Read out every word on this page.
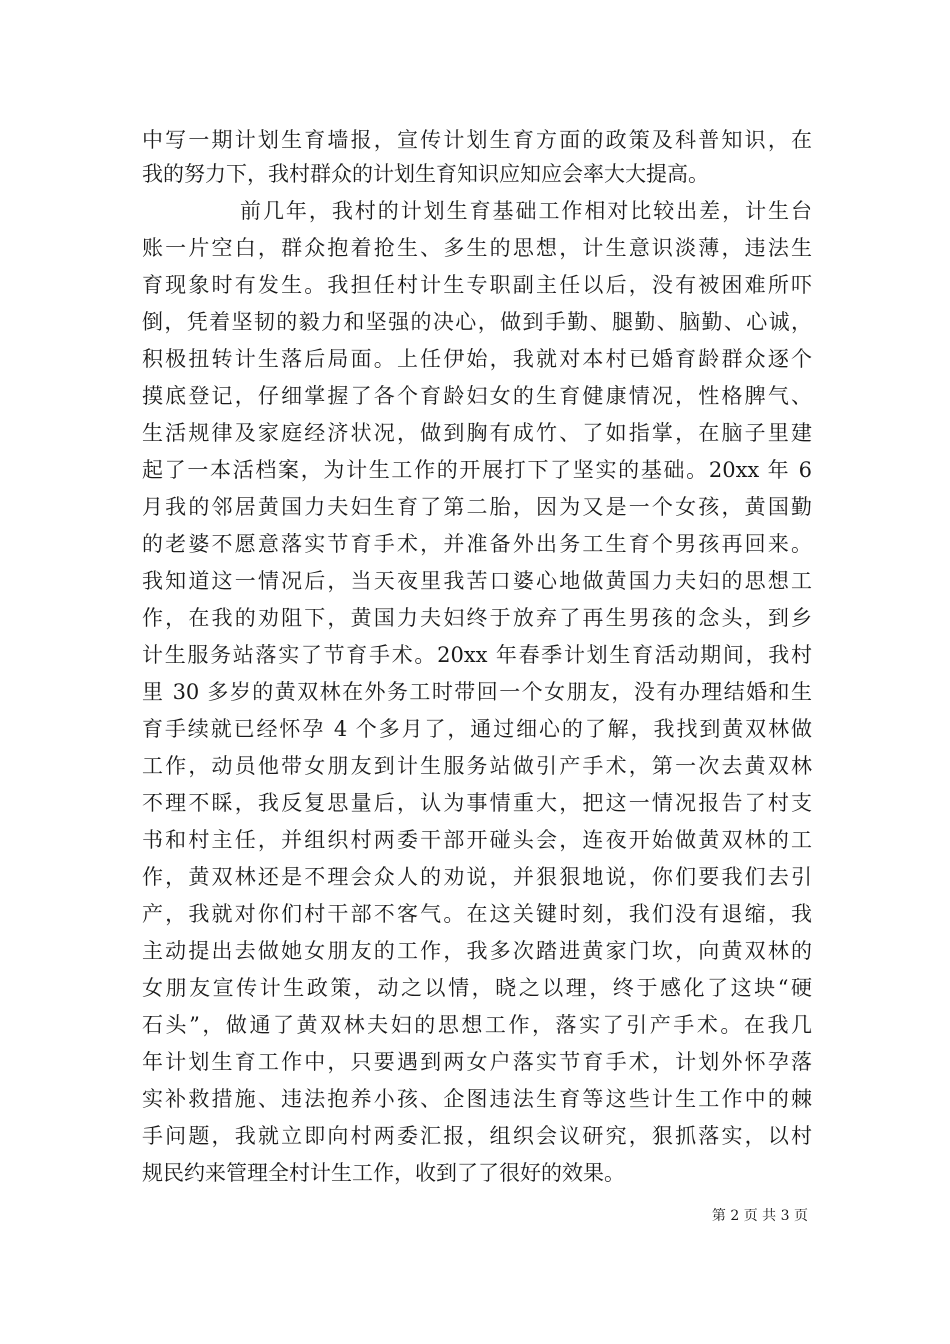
中写一期计划生育墙报，宣传计划生育方面的政策及科普知识，在
我的努力下，我村群众的计划生育知识应知应会率大大提高。
前几年，我村的计划生育基础工作相对比较出差，计生台
账一片空白，群众抱着抢生、多生的思想，计生意识淡薄，违法生
育现象时有发生。我担任村计生专职副主任以后，没有被困难所吓
倒，凭着坚韧的毅力和坚强的决心，做到手勤、腿勤、脑勤、心诚，
积极扭转计生落后局面。上任伊始，我就对本村已婚育龄群众逐个
摸底登记，仔细掌握了各个育龄妇女的生育健康情况，性格脾气、
生活规律及家庭经济状况，做到胸有成竹、了如指掌，在脑子里建
起了一本活档案，为计生工作的开展打下了坚实的基础。20xx 年 6
月我的邻居黄国力夫妇生育了第二胎，因为又是一个女孩，黄国勤
的老婆不愿意落实节育手术，并准备外出务工生育个男孩再回来。
我知道这一情况后，当天夜里我苦口婆心地做黄国力夫妇的思想工
作，在我的劝阻下，黄国力夫妇终于放弃了再生男孩的念头，到乡
计生服务站落实了节育手术。20xx 年春季计划生育活动期间，我村
里 30 多岁的黄双林在外务工时带回一个女朋友，没有办理结婚和生
育手续就已经怀孕 4 个多月了，通过细心的了解，我找到黄双林做
工作，动员他带女朋友到计生服务站做引产手术，第一次去黄双林
不理不睬，我反复思量后，认为事情重大，把这一情况报告了村支
书和村主任，并组织村两委干部开碰头会，连夜开始做黄双林的工
作，黄双林还是不理会众人的劝说，并狠狠地说，你们要我们去引
产，我就对你们村干部不客气。在这关键时刻，我们没有退缩，我
主动提出去做她女朋友的工作，我多次踏进黄家门坎，向黄双林的
女朋友宣传计生政策，动之以情，晓之以理，终于感化了这块“硬
石头”，做通了黄双林夫妇的思想工作，落实了引产手术。在我几
年计划生育工作中，只要遇到两女户落实节育手术，计划外怀孕落
实补救措施、违法抱养小孩、企图违法生育等这些计生工作中的棘
手问题，我就立即向村两委汇报，组织会议研究，狠抓落实，以村
规民约来管理全村计生工作，收到了了很好的效果。
第 2 页 共 3 页
